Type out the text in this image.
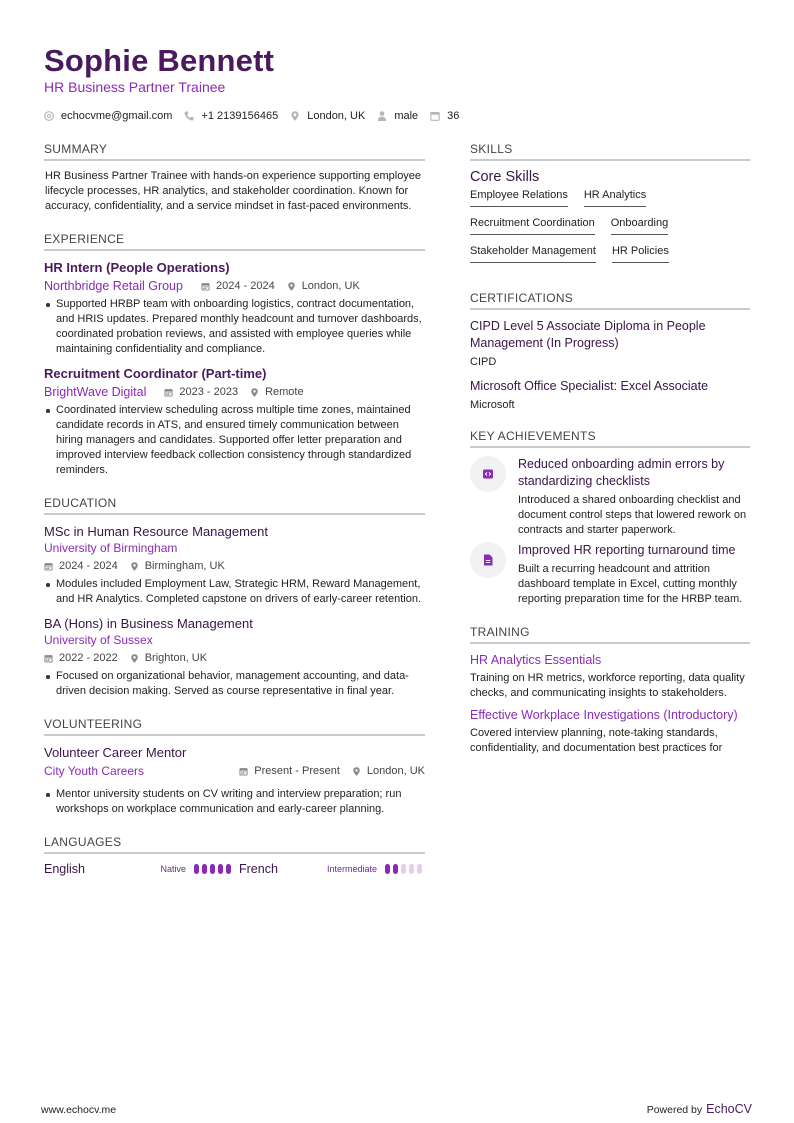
Sophie Bennett
HR Business Partner Trainee
echocvme@gmail.com	+1 2139156465	London, UK	male	36
SUMMARY
HR Business Partner Trainee with hands-on experience supporting employee lifecycle processes, HR analytics, and stakeholder coordination. Known for accuracy, confidentiality, and a service mindset in fast-paced environments.
EXPERIENCE
HR Intern (People Operations)
Northbridge Retail Group	2024 - 2024 London, UK
Supported HRBP team with onboarding logistics, contract documentation, and HRIS updates. Prepared monthly headcount and turnover dashboards, coordinated probation reviews, and assisted with employee queries while maintaining confidentiality and compliance.
Recruitment Coordinator (Part-time)
BrightWave Digital	2023 - 2023 Remote
Coordinated interview scheduling across multiple time zones, maintained candidate records in ATS, and ensured timely communication between hiring managers and candidates. Supported offer letter preparation and improved interview feedback collection consistency through standardized reminders.
EDUCATION
MSc in Human Resource Management
University of Birmingham
2024 - 2024 Birmingham, UK
Modules included Employment Law, Strategic HRM, Reward Management, and HR Analytics. Completed capstone on drivers of early-career retention.
BA (Hons) in Business Management
University of Sussex
2022 - 2022 Brighton, UK
Focused on organizational behavior, management accounting, and data-driven decision making. Served as course representative in final year.
VOLUNTEERING
Volunteer Career Mentor
City Youth Careers	Present - Present London, UK
Mentor university students on CV writing and interview preparation; run workshops on workplace communication and early-career planning.
LANGUAGES
English	Native	French	Intermediate
SKILLS
Core Skills
Employee Relations HR Analytics
Recruitment Coordination Onboarding
Stakeholder Management HR Policies
CERTIFICATIONS
CIPD Level 5 Associate Diploma in People Management (In Progress)
CIPD
Microsoft Office Specialist: Excel Associate
Microsoft
KEY ACHIEVEMENTS
Reduced onboarding admin errors by standardizing checklists
Introduced a shared onboarding checklist and document control steps that lowered rework on contracts and starter paperwork.
Improved HR reporting turnaround time
Built a recurring headcount and attrition dashboard template in Excel, cutting monthly reporting preparation time for the HRBP team.
TRAINING
HR Analytics Essentials
Training on HR metrics, workforce reporting, data quality checks, and communicating insights to stakeholders.
Effective Workplace Investigations (Introductory)
Covered interview planning, note-taking standards, confidentiality, and documentation best practices for
www.echocv.me	Powered by EchoCV
